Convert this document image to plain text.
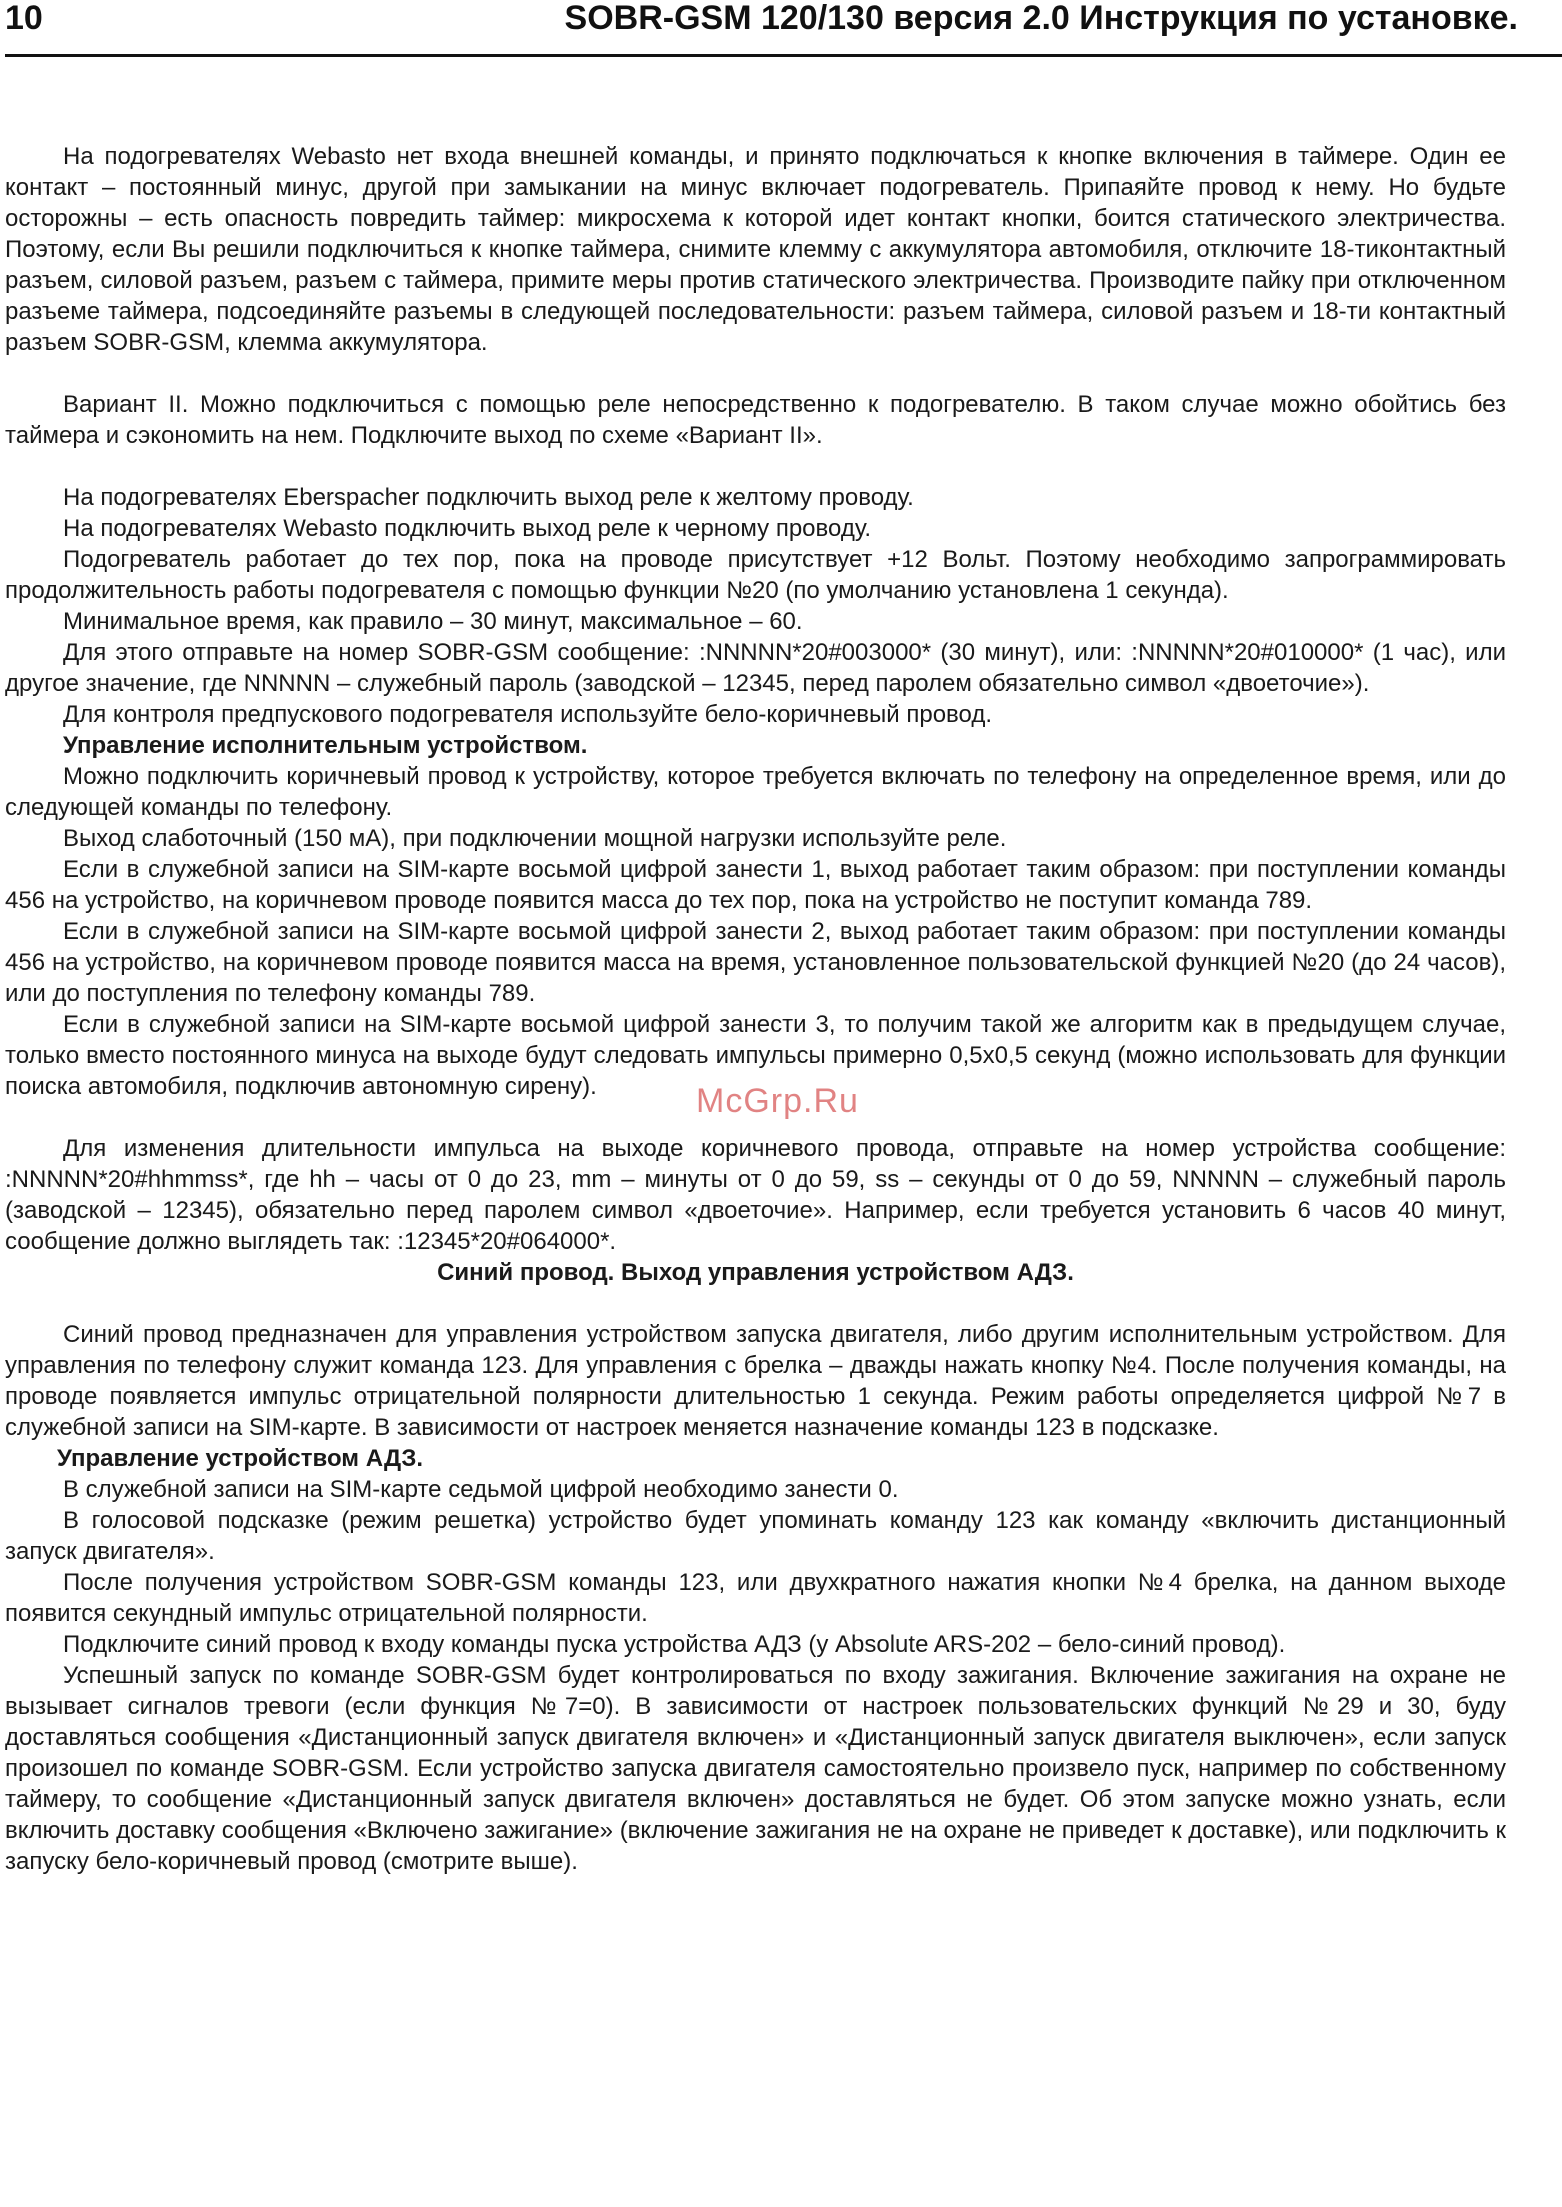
10	SOBR-GSM 120/130 версия 2.0 Инструкция по установке.

На подогревателях Webasto нет входа внешней команды, и принято подключаться к кнопке включения в таймере. Один ее контакт – постоянный минус, другой при замыкании на минус включает подогреватель. Припаяйте провод к нему. Но будьте осторожны – есть опасность повредить таймер: микросхема к которой идет контакт кнопки, боится статического электричества. Поэтому, если Вы решили подключиться к кнопке таймера, снимите клемму с аккумулятора автомобиля, отключите 18-тиконтактный разъем, силовой разъем, разъем с таймера, примите меры против статического электричества. Производите пайку при отключенном разъеме таймера, подсоединяйте разъемы в следующей последовательности: разъем таймера, силовой разъем и 18-ти контактный разъем SOBR-GSM, клемма аккумулятора.

Вариант II. Можно подключиться с помощью реле непосредственно к подогревателю. В таком случае можно обойтись без таймера и сэкономить на нем. Подключите выход по схеме «Вариант II».

На подогревателях Eberspacher подключить выход реле к желтому проводу.

На подогревателях Webasto подключить выход реле к черному проводу.

Подогреватель работает до тех пор, пока на проводе присутствует +12 Вольт. Поэтому необходимо запрограммировать продолжительность работы подогревателя с помощью функции №20 (по умолчанию установлена 1 секунда).

Минимальное время, как правило – 30 минут, максимальное – 60.

Для этого отправьте на номер SOBR-GSM сообщение: :NNNNN*20#003000* (30 минут), или: :NNNNN*20#010000* (1 час), или другое значение, где NNNNN – служебный пароль (заводской – 12345, перед паролем обязательно символ «двоеточие»).

Для контроля предпускового подогревателя используйте бело-коричневый провод.

Управление исполнительным устройством.

Можно подключить коричневый провод к устройству, которое требуется включать по телефону на определенное время, или до следующей команды по телефону.

Выход слаботочный (150 мА), при подключении мощной нагрузки используйте реле.

Если в служебной записи на SIM-карте восьмой цифрой занести 1, выход работает таким образом: при поступлении команды 456 на устройство, на коричневом проводе появится масса до тех пор, пока на устройство не поступит команда 789.

Если в служебной записи на SIM-карте восьмой цифрой занести 2, выход работает таким образом: при поступлении команды 456 на устройство, на коричневом проводе появится масса на время, установленное пользовательской функцией №20 (до 24 часов), или до поступления по телефону команды 789.

Если в служебной записи на SIM-карте восьмой цифрой занести 3, то получим такой же алгоритм как в предыдущем случае, только вместо постоянного минуса на выходе будут следовать импульсы примерно 0,5х0,5 секунд (можно использовать для функции поиска автомобиля, подключив автономную сирену).

Для изменения длительности импульса на выходе коричневого провода, отправьте на номер устройства сообщение: :NNNNN*20#hhmmss*, где hh – часы от 0 до 23, mm – минуты от 0 до 59, ss – секунды от 0 до 59, NNNNN – служебный пароль (заводской – 12345), обязательно перед паролем символ «двоеточие». Например, если требуется установить 6 часов 40 минут, сообщение должно выглядеть так: :12345*20#064000*.

Синий провод. Выход управления устройством АДЗ.

Синий провод предназначен для управления устройством запуска двигателя, либо другим исполнительным устройством. Для управления по телефону служит команда 123. Для управления с брелка – дважды нажать кнопку №4. После получения команды, на проводе появляется импульс отрицательной полярности длительностью 1 секунда. Режим работы определяется цифрой №7 в служебной записи на SIM-карте. В зависимости от настроек меняется назначение команды 123 в подсказке.

Управление устройством АДЗ.

В служебной записи на SIM-карте седьмой цифрой необходимо занести 0.

В голосовой подсказке (режим решетка) устройство будет упоминать команду 123 как команду «включить дистанционный запуск двигателя».

После получения устройством SOBR-GSM команды 123, или двухкратного нажатия кнопки №4 брелка, на данном выходе появится секундный импульс отрицательной полярности.

Подключите синий провод к входу команды пуска устройства АДЗ (у Absolute ARS-202 – бело-синий провод).

Успешный запуск по команде SOBR-GSM будет контролироваться по входу зажигания. Включение зажигания на охране не вызывает сигналов тревоги (если функция №7=0). В зависимости от настроек пользовательских функций №29 и 30, буду доставляться сообщения «Дистанционный запуск двигателя включен» и «Дистанционный запуск двигателя выключен», если запуск произошел по команде SOBR-GSM. Если устройство запуска двигателя самостоятельно произвело пуск, например по собственному таймеру, то сообщение «Дистанционный запуск двигателя включен» доставляться не будет. Об этом запуске можно узнать, если включить доставку сообщения «Включено зажигание» (включение зажигания не на охране не приведет к доставке), или подключить к запуску бело-коричневый провод (смотрите выше).

McGrp.Ru
